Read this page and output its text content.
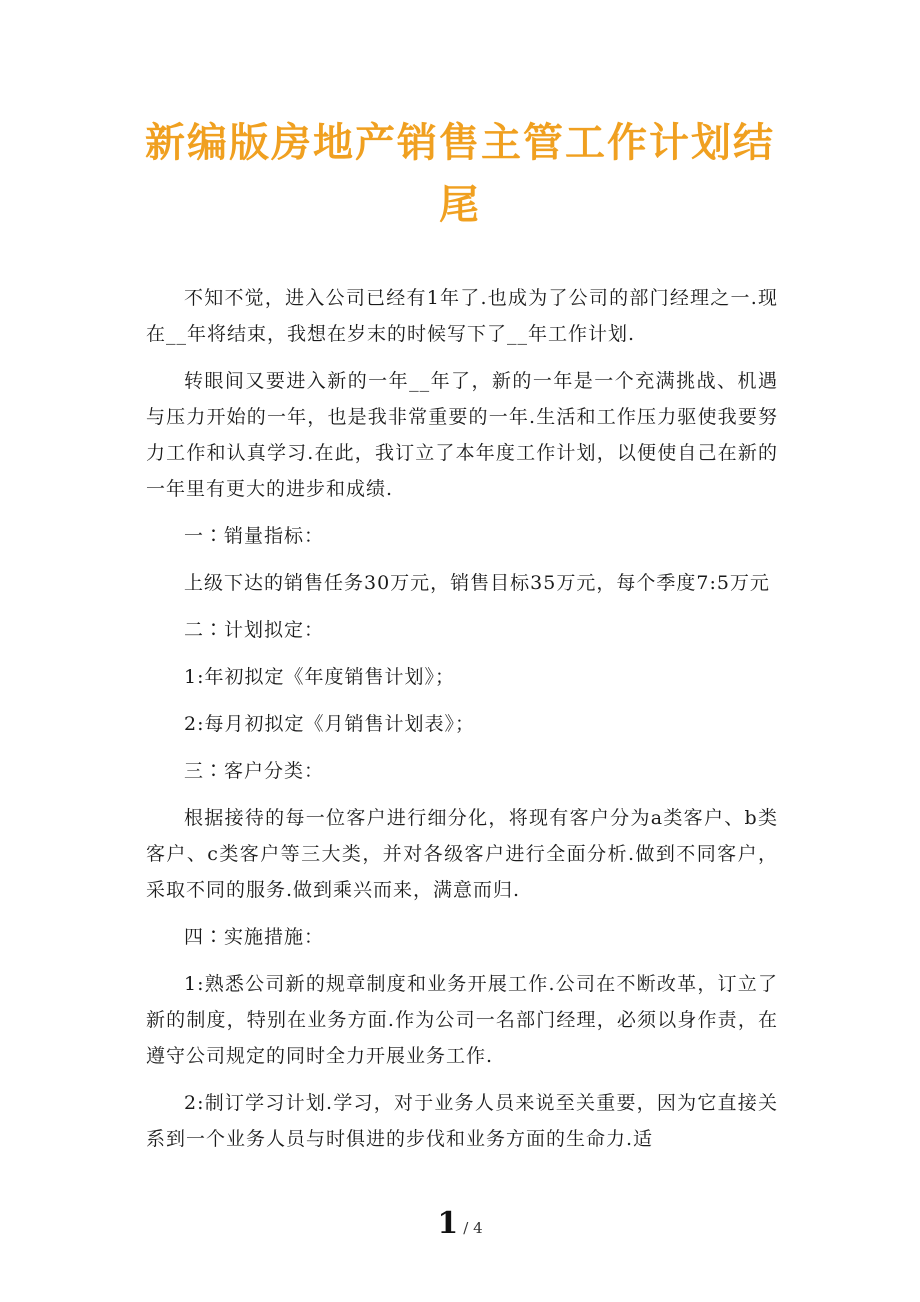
新编版房地产销售主管工作计划结尾

不知不觉，进入公司已经有1年了.也成为了公司的部门经理之一.现在__年将结束，我想在岁末的时候写下了__年工作计划.

转眼间又要进入新的一年__年了，新的一年是一个充满挑战、机遇与压力开始的一年，也是我非常重要的一年.生活和工作压力驱使我要努力工作和认真学习.在此，我订立了本年度工作计划，以便使自己在新的一年里有更大的进步和成绩.

一∶销量指标：

上级下达的销售任务30万元，销售目标35万元，每个季度7:5万元

二∶计划拟定：

1:年初拟定《年度销售计划》；

2:每月初拟定《月销售计划表》；

三∶客户分类：

根据接待的每一位客户进行细分化，将现有客户分为a类客户、b类客户、c类客户等三大类，并对各级客户进行全面分析.做到不同客户，采取不同的服务.做到乘兴而来，满意而归.

四∶实施措施：

1:熟悉公司新的规章制度和业务开展工作.公司在不断改革，订立了新的制度，特别在业务方面.作为公司一名部门经理，必须以身作责，在遵守公司规定的同时全力开展业务工作.

2:制订学习计划.学习，对于业务人员来说至关重要，因为它直接关系到一个业务人员与时俱进的步伐和业务方面的生命力.适

1 / 4
